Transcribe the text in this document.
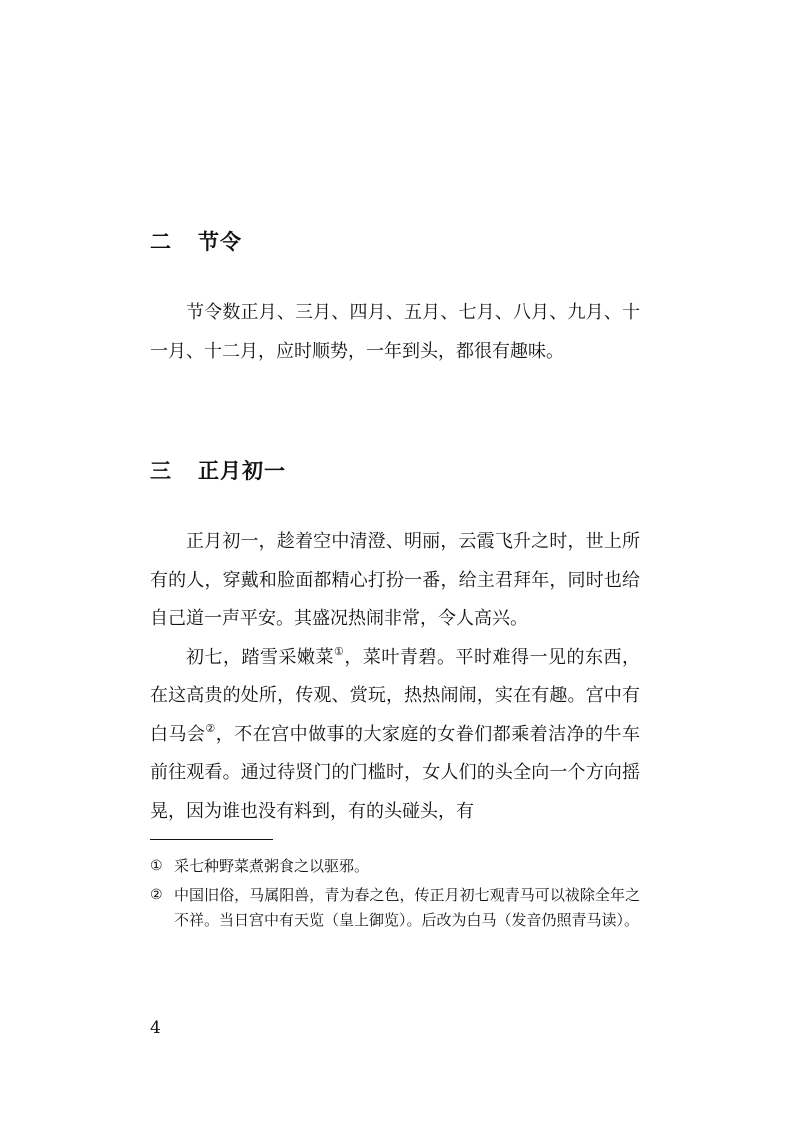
二 节令

节令数正月、三月、四月、五月、七月、八月、九月、十一月、十二月，应时顺势，一年到头，都很有趣味。

三 正月初一

正月初一，趁着空中清澄、明丽，云霞飞升之时，世上所有的人，穿戴和脸面都精心打扮一番，给主君拜年，同时也给自己道一声平安。其盛况热闹非常，令人高兴。

初七，踏雪采嫩菜①，菜叶青碧。平时难得一见的东西，在这高贵的处所，传观、赏玩，热热闹闹，实在有趣。宫中有白马会②，不在宫中做事的大家庭的女眷们都乘着洁净的牛车前往观看。通过待贤门的门槛时，女人们的头全向一个方向摇晃，因为谁也没有料到，有的头碰头，有

① 采七种野菜煮粥食之以驱邪。
② 中国旧俗，马属阳兽，青为春之色，传正月初七观青马可以祓除全年之不祥。当日宫中有天览（皇上御览）。后改为白马（发音仍照青马读）。
4
